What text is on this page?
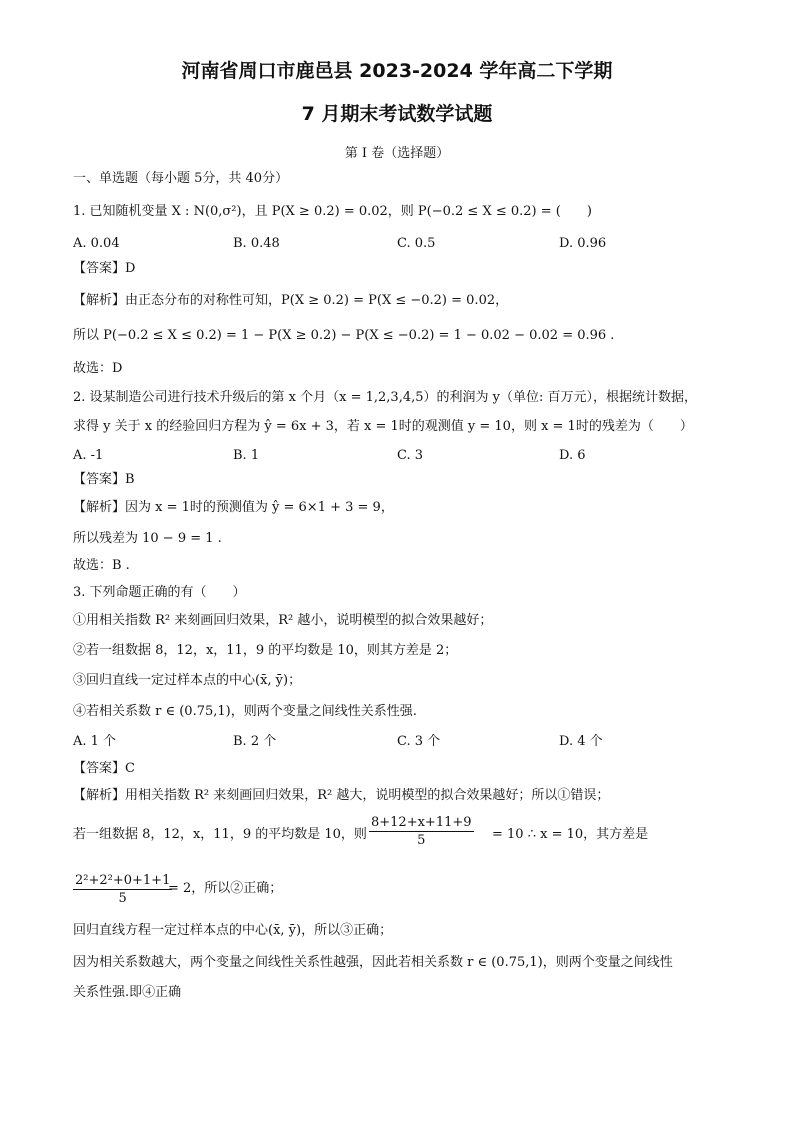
河南省周口市鹿邑县 2023-2024 学年高二下学期
7 月期末考试数学试题
第 I 卷（选择题）
一、单选题（每小题 5分，共 40分）
1. 已知随机变量 X : N(0,σ²)，且 P(X ≥ 0.2) = 0.02，则 P(−0.2 ≤ X ≤ 0.2) = (　　)
A. 0.04	B. 0.48	C. 0.5	D. 0.96
【答案】D
【解析】由正态分布的对称性可知，P(X ≥ 0.2) = P(X ≤ −0.2) = 0.02，
所以 P(−0.2 ≤ X ≤ 0.2) = 1 − P(X ≥ 0.2) − P(X ≤ −0.2) = 1 − 0.02 − 0.02 = 0.96 .
故选：D
2. 设某制造公司进行技术升级后的第 x 个月（x = 1,2,3,4,5）的利润为 y（单位: 百万元），根据统计数据，
求得 y 关于 x 的经验回归方程为 ŷ = 6x + 3，若 x = 1时的观测值 y = 10，则 x = 1时的残差为（　　）
A. -1	B. 1	C. 3	D. 6
【答案】B
【解析】因为 x = 1时的预测值为 ŷ = 6×1 + 3 = 9，
所以残差为 10 − 9 = 1 .
故选：B .
3. 下列命题正确的有（　　）
①用相关指数 R² 来刻画回归效果，R² 越小，说明模型的拟合效果越好；
②若一组数据 8，12，x，11，9 的平均数是 10，则其方差是 2；
③回归直线一定过样本点的中心(x̄, ȳ)；
④若相关系数 r ∈ (0.75,1)，则两个变量之间线性关系性强.
A. 1 个	B. 2 个	C. 3 个	D. 4 个
【答案】C
【解析】用相关指数 R² 来刻画回归效果，R² 越大，说明模型的拟合效果越好；所以①错误；
若一组数据 8，12，x，11，9 的平均数是 10，则 $\frac{8+12+x+11+9}{5} = 10$ ∴ x = 10，其方差是
$\frac{\text{2²+2²+0+1+1}}{5}$
= 2，所以②正确；
回归直线方程一定过样本点的中心(x̄, ȳ)，所以③正确；
因为相关系数越大，两个变量之间线性关系性越强，因此若相关系数 r ∈ (0.75,1)，则两个变量之间线性
关系性强.即④正确
